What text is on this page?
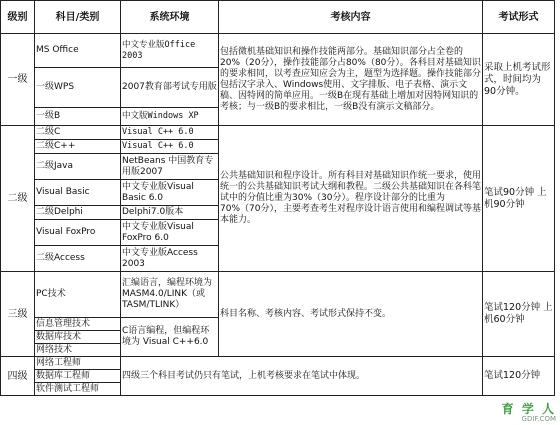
级别	科目/类别	系统环境	考核内容	考试形式
一级	MS Office	中文专业版Office 2003	包括微机基础知识和操作技能两部分。基础知识部分占全卷的20%（20分），操作技能部分占80%（80分）。各科目对基础知识的要求相同，以考查应知应会为主，题型为选择题。操作技能部分包括汉字录入、Windows使用、文字排版、电子表格、演示文稿、因特网的简单应用。一级B在现有基础上增加对因特网知识的考核；与一级B的要求相比，一级B没有演示文稿部分。	采取上机考试形式，时间均为90分钟。
	一级WPS	2007教育部考试专用版		
	一级B	中文版Windows XP		
二级	二级C	Visual C++ 6.0	公共基础知识和程序设计。所有科目对基础知识作统一要求，使用统一的公共基础知识考试大纲和教程。二级公共基础知识在各科笔试中的分值比重为30%（30分）。程序设计部分的比重为70%（70分），主要考查考生对程序设计语言使用和编程调试等基本能力。	笔试90分钟 上机90分钟
	二级C++	Visual C++ 6.0		
	二级Java	NetBeans 中国教育专用版2007		
	Visual Basic	中文专业版Visual Basic 6.0		
	二级Delphi	Delphi7.0版本		
	Visual FoxPro	中文专业版Visual FoxPro 6.0		
	二级Access	中文专业版Access 2003		
三级	PC技术	汇编语言，编程环境为MASM4.0/LINK（或TASM/TLINK）	科目名称、考核内容、考试形式保持不变。	笔试120分钟 上机60分钟
	信息管理技术	C语言编程，但编程环境为 Visual C++6.0		
	数据库技术			
	网络技术			
四级	网络工程师	四级三个科目考试仍只有笔试，上机考核要求在笔试中体现。		笔试120分钟
	数据库工程师			
	软件测试工程师			
育 学 人
GDIF.COM
